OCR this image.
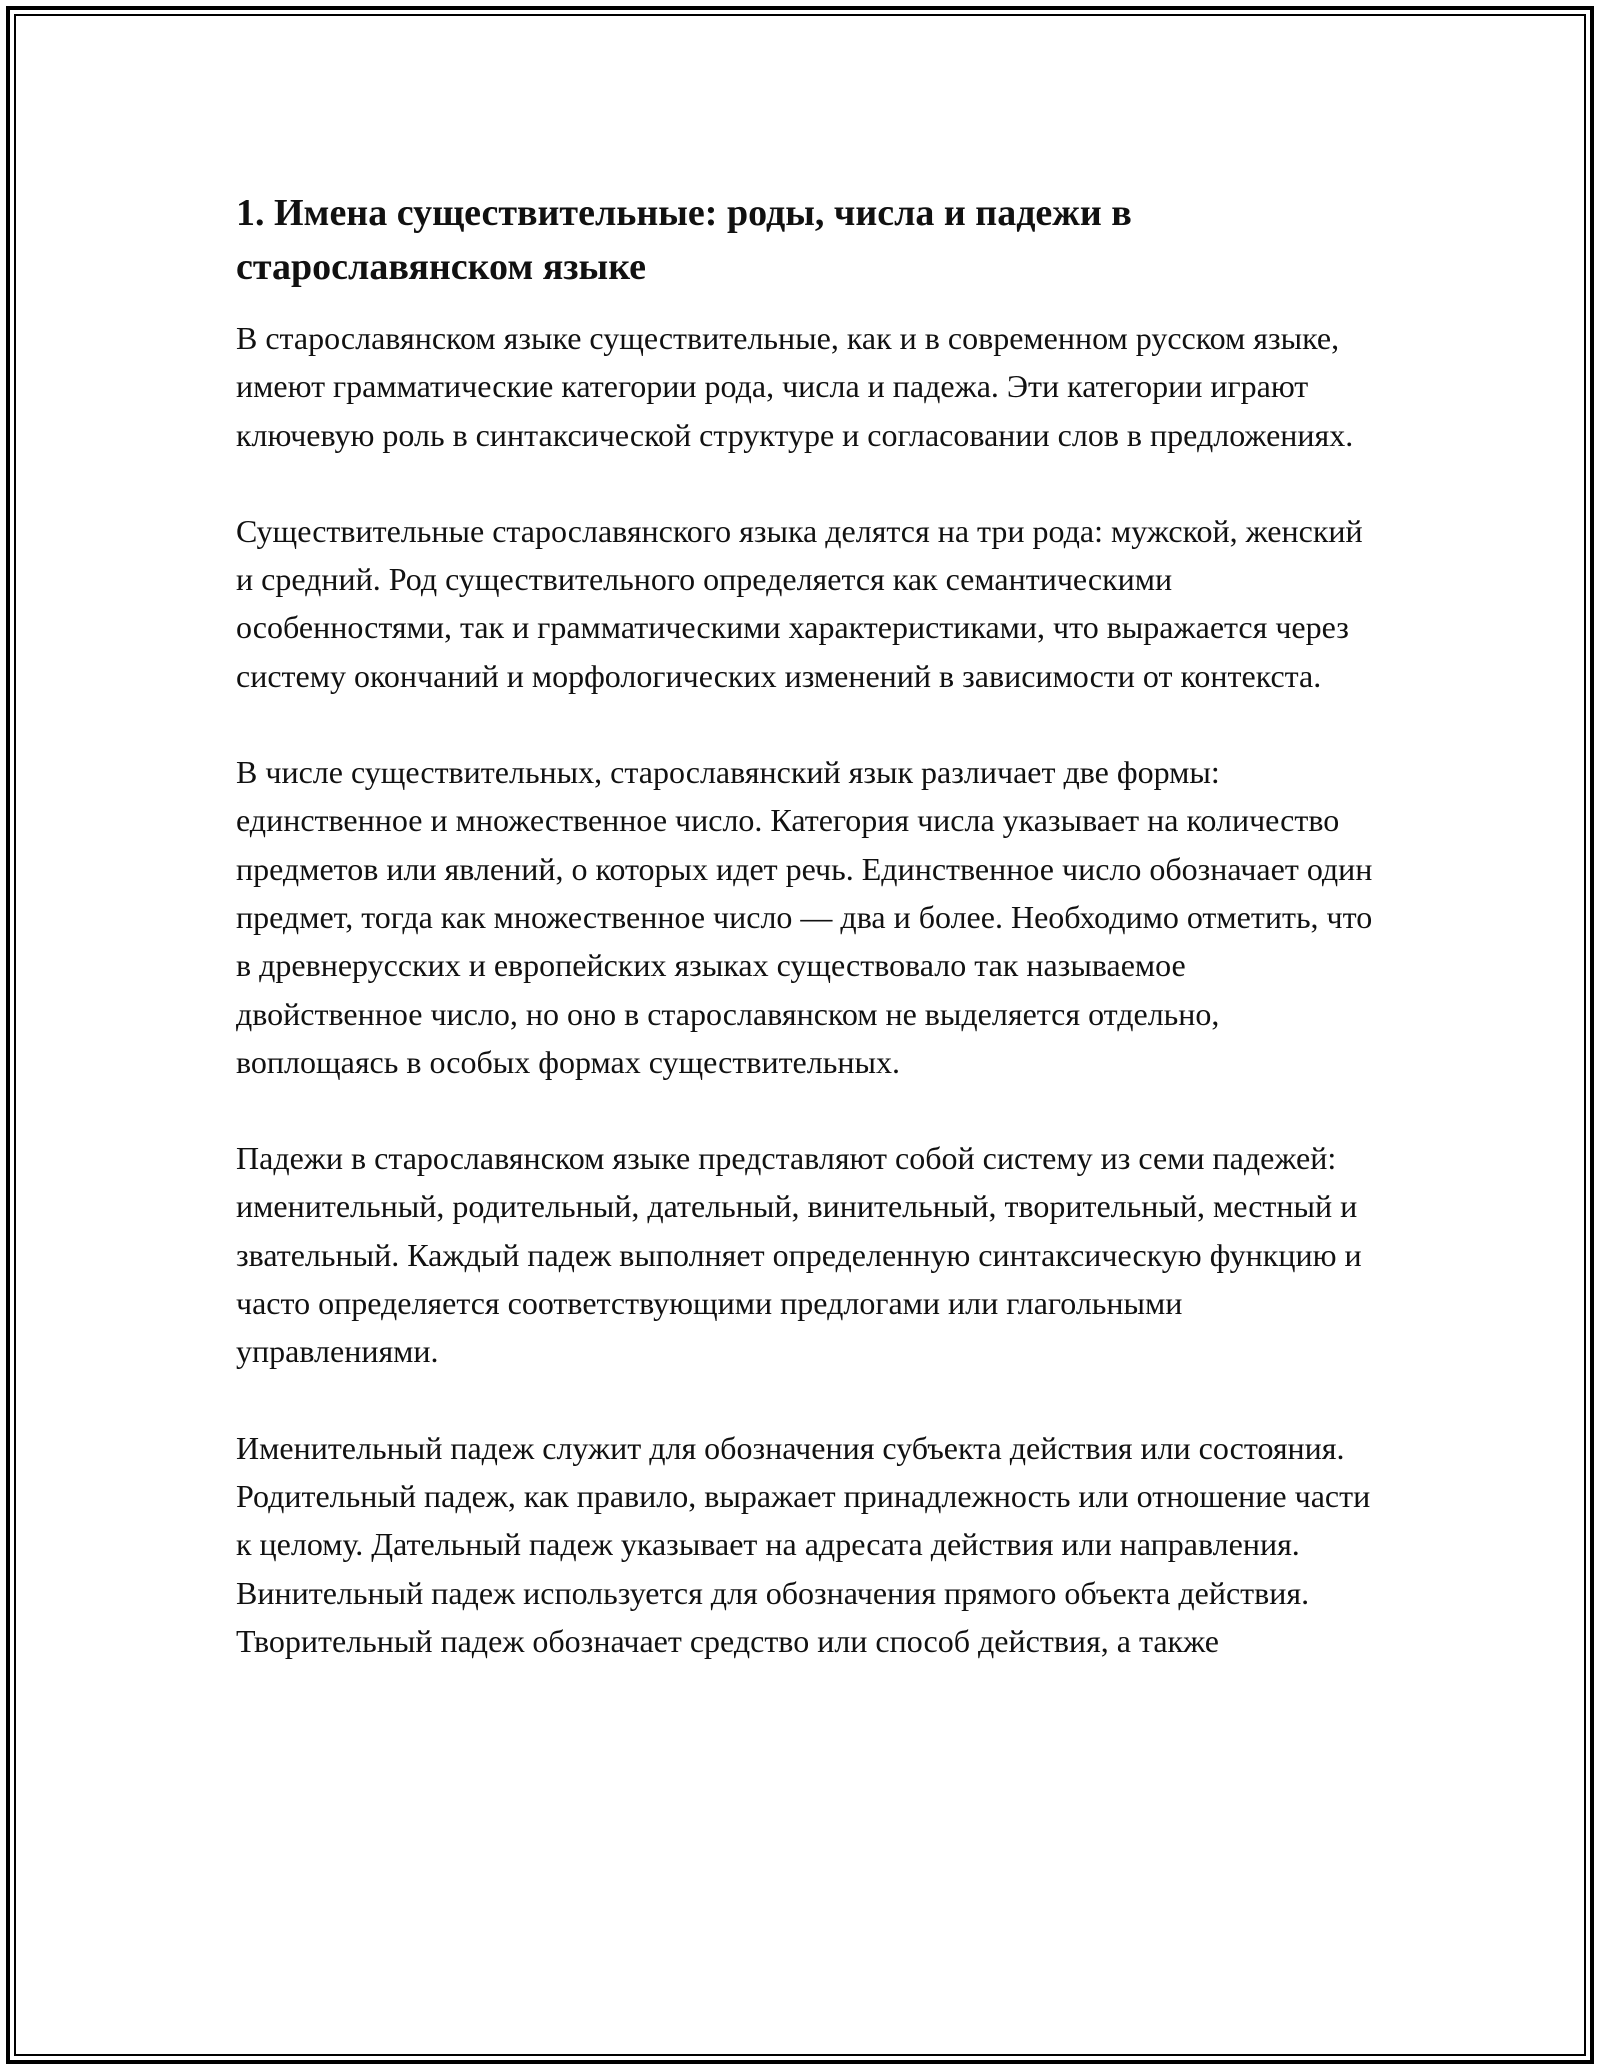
1. Имена существительные: роды, числа и падежи в старославянском языке

В старославянском языке существительные, как и в современном русском языке, имеют грамматические категории рода, числа и падежа. Эти категории играют ключевую роль в синтаксической структуре и согласовании слов в предложениях.

Существительные старославянского языка делятся на три рода: мужской, женский и средний. Род существительного определяется как семантическими особенностями, так и грамматическими характеристиками, что выражается через систему окончаний и морфологических изменений в зависимости от контекста.

В числе существительных, старославянский язык различает две формы: единственное и множественное число. Категория числа указывает на количество предметов или явлений, о которых идет речь. Единственное число обозначает один предмет, тогда как множественное число — два и более. Необходимо отметить, что в древнерусских и европейских языках существовало так называемое двойственное число, но оно в старославянском не выделяется отдельно, воплощаясь в особых формах существительных.

Падежи в старославянском языке представляют собой систему из семи падежей: именительный, родительный, дательный, винительный, творительный, местный и звательный. Каждый падеж выполняет определенную синтаксическую функцию и часто определяется соответствующими предлогами или глагольными управлениями.

Именительный падеж служит для обозначения субъекта действия или состояния. Родительный падеж, как правило, выражает принадлежность или отношение части к целому. Дательный падеж указывает на адресата действия или направления. Винительный падеж используется для обозначения прямого объекта действия. Творительный падеж обозначает средство или способ действия, а также
